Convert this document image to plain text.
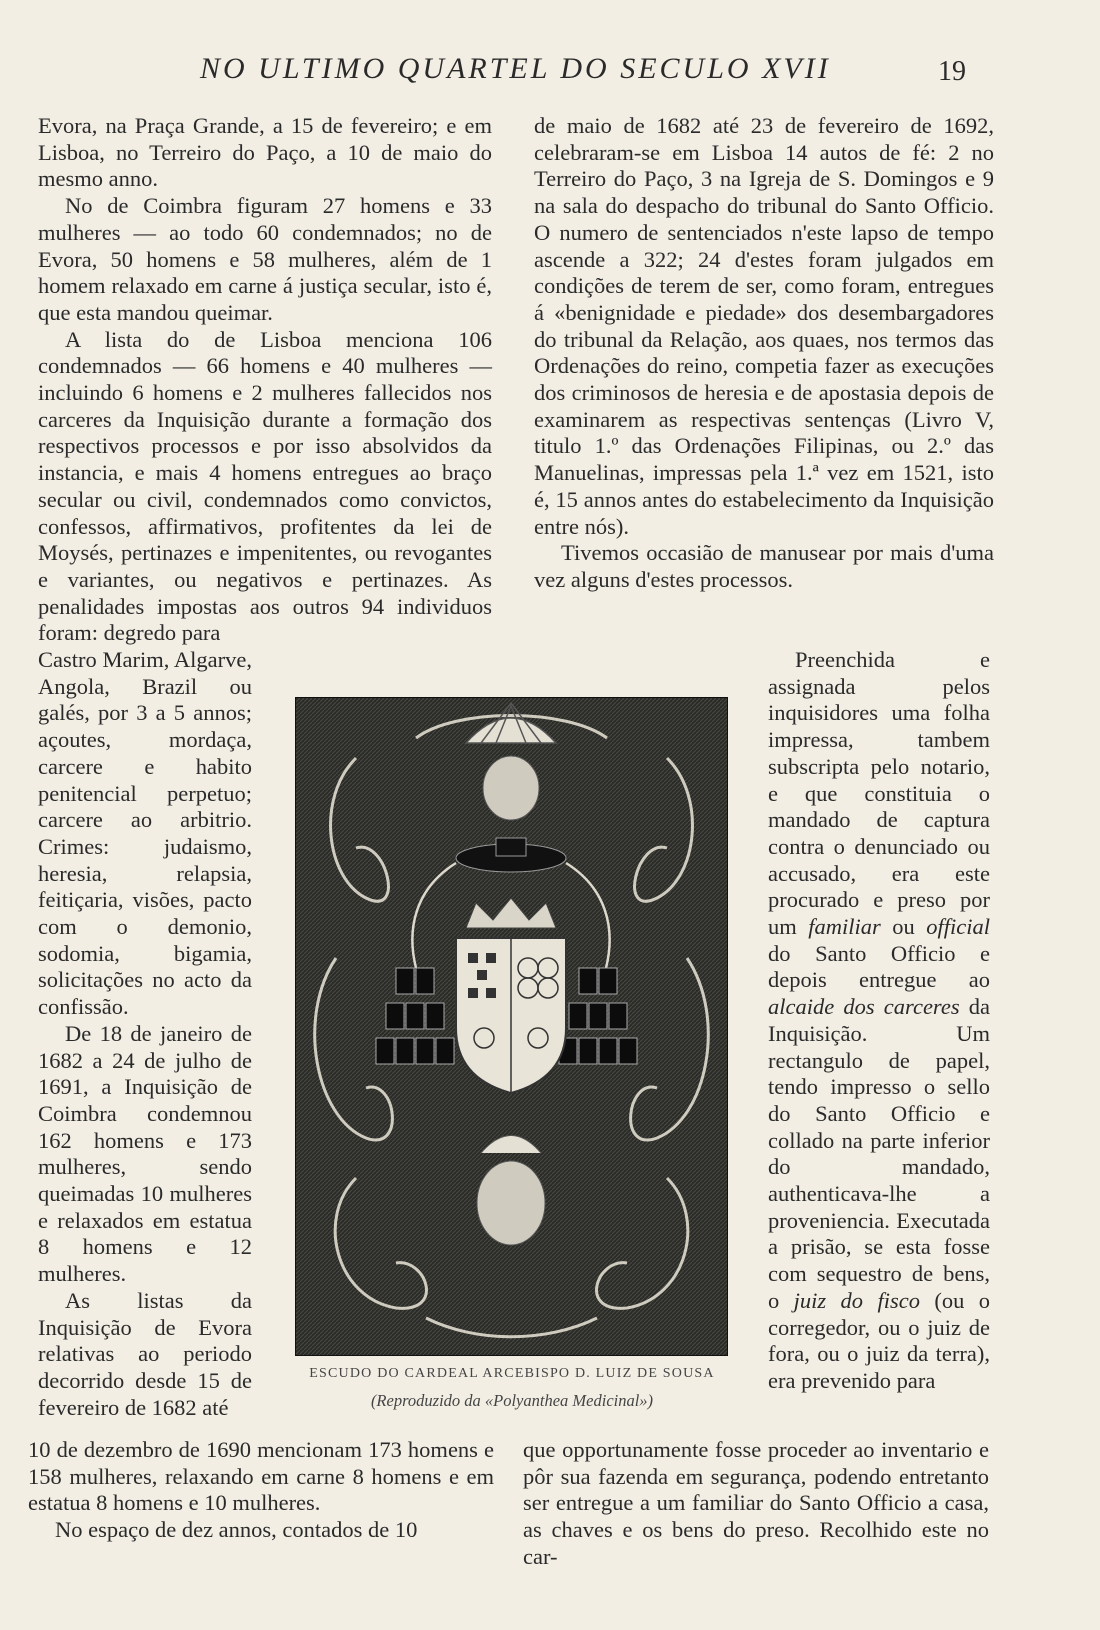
NO ULTIMO QUARTEL DO SECULO XVII	19

Evora, na Praça Grande, a 15 de fevereiro; e em Lisboa, no Terreiro do Paço, a 10 de maio do mesmo anno.

No de Coimbra figuram 27 homens e 33 mulheres — ao todo 60 condemnados; no de Evora, 50 homens e 58 mulheres, além de 1 homem relaxado em carne á justiça secular, isto é, que esta mandou queimar.

A lista do de Lisboa menciona 106 condemnados — 66 homens e 40 mulheres — incluindo 6 homens e 2 mulheres fallecidos nos carceres da Inquisição durante a formação dos respectivos processos e por isso absolvidos da instancia, e mais 4 homens entregues ao braço secular ou civil, condemnados como convictos, confessos, affirmativos, profitentes da lei de Moysés, pertinazes e impenitentes, ou revogantes e variantes, ou negativos e pertinazes. As penalidades impostas aos outros 94 individuos foram: degredo para

Castro Marim, Algarve, Angola, Brazil ou galés, por 3 a 5 annos; açoutes, mordaça, carcere e habito penitencial perpetuo; carcere ao arbitrio. Crimes: judaismo, heresia, relapsia, feitiçaria, visões, pacto com o demonio, sodomia, bigamia, solicitações no acto da confissão.

De 18 de janeiro de 1682 a 24 de julho de 1691, a Inquisição de Coimbra condemnou 162 homens e 173 mulheres, sendo queimadas 10 mulheres e relaxados em estatua 8 homens e 12 mulheres.

As listas da Inquisição de Evora relativas ao periodo decorrido desde 15 de fevereiro de 1682 até

10 de dezembro de 1690 mencionam 173 homens e 158 mulheres, relaxando em carne 8 homens e em estatua 8 homens e 10 mulheres.

No espaço de dez annos, contados de 10

de maio de 1682 até 23 de fevereiro de 1692, celebraram-se em Lisboa 14 autos de fé: 2 no Terreiro do Paço, 3 na Igreja de S. Domingos e 9 na sala do despacho do tribunal do Santo Officio. O numero de sentenciados n'este lapso de tempo ascende a 322; 24 d'estes foram julgados em condições de terem de ser, como foram, entregues á «benignidade e piedade» dos desembargadores do tribunal da Relação, aos quaes, nos termos das Ordenações do reino, competia fazer as execuções dos criminosos de heresia e de apostasia depois de examinarem as respectivas sentenças (Livro V, titulo 1.º das Ordenações Filipinas, ou 2.º das Manuelinas, impressas pela 1.ª vez em 1521, isto é, 15 annos antes do estabelecimento da Inquisição entre nós).

Tivemos occasião de manusear por mais d'uma vez alguns d'estes processos.

Preenchida e assignada pelos inquisidores uma folha impressa, tambem subscripta pelo notario, e que constituia o mandado de captura contra o denunciado ou accusado, era este procurado e preso por um familiar ou official do Santo Officio e depois entregue ao alcaide dos carceres da Inquisição. Um rectangulo de papel, tendo impresso o sello do Santo Officio e collado na parte inferior do mandado, authenticava-lhe a proveniencia. Executada a prisão, se esta fosse com sequestro de bens, o juiz do fisco (ou o corregedor, ou o juiz de fora, ou o juiz da terra), era prevenido para

que opportunamente fosse proceder ao inventario e pôr sua fazenda em segurança, podendo entretanto ser entregue a um familiar do Santo Officio a casa, as chaves e os bens do preso. Recolhido este no car-

ESCUDO DO CARDEAL ARCEBISPO D. LUIZ DE SOUSA
(Reproduzido da «Polyanthea Medicinal»)
